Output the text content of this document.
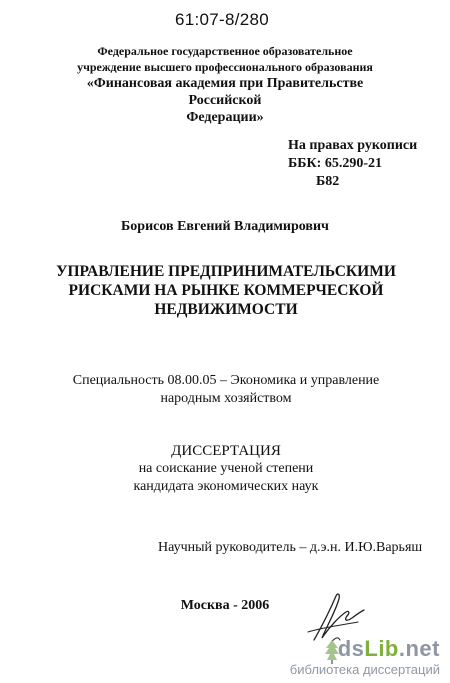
61:07-8/280
Федеральное государственное образовательное
учреждение высшего профессионального образования
«Финансовая академия при Правительстве Российской
Федерации»
На правах рукописи
ББК: 65.290-21
Б82
Борисов Евгений Владимирович
УПРАВЛЕНИЕ ПРЕДПРИНИМАТЕЛЬСКИМИ
РИСКАМИ НА РЫНКЕ КОММЕРЧЕСКОЙ
НЕДВИЖИМОСТИ
Специальность 08.00.05 – Экономика и управление
народным хозяйством
ДИССЕРТАЦИЯ
на соискание ученой степени
кандидата экономических наук
Научный руководитель – д.э.н. И.Ю.Варьяш
Москва - 2006
dsLib.net
библиотека диссертаций
